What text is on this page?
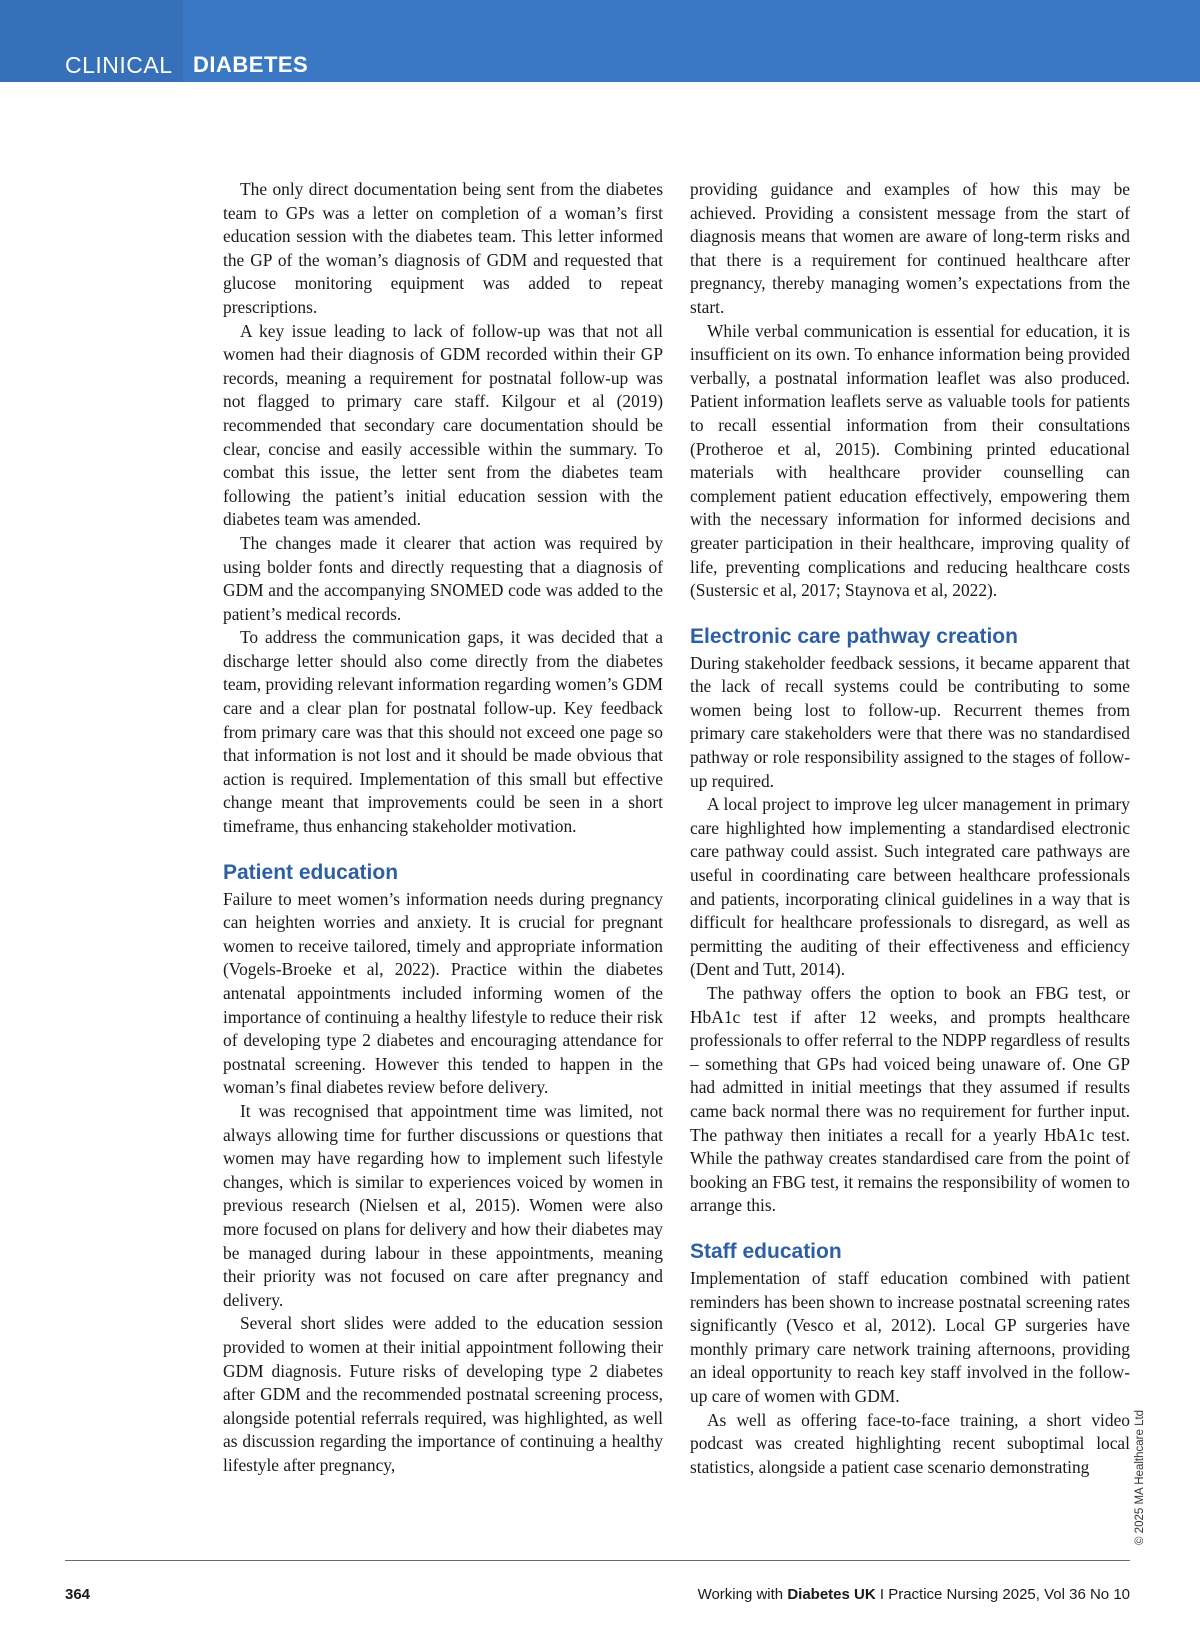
CLINICAL DIABETES

The only direct documentation being sent from the diabetes team to GPs was a letter on completion of a woman’s first education session with the diabetes team. This letter informed the GP of the woman’s diagnosis of GDM and requested that glucose monitoring equipment was added to repeat prescriptions.

A key issue leading to lack of follow-up was that not all women had their diagnosis of GDM recorded within their GP records, meaning a requirement for postnatal follow-up was not flagged to primary care staff. Kilgour et al (2019) recommended that secondary care documentation should be clear, concise and easily accessible within the summary. To combat this issue, the letter sent from the diabetes team following the patient’s initial education session with the diabetes team was amended.

The changes made it clearer that action was required by using bolder fonts and directly requesting that a diagnosis of GDM and the accompanying SNOMED code was added to the patient’s medical records.

To address the communication gaps, it was decided that a discharge letter should also come directly from the diabetes team, providing relevant information regarding women’s GDM care and a clear plan for postnatal follow-up. Key feedback from primary care was that this should not exceed one page so that information is not lost and it should be made obvious that action is required. Implementation of this small but effective change meant that improvements could be seen in a short timeframe, thus enhancing stakeholder motivation.

Patient education

Failure to meet women’s information needs during pregnancy can heighten worries and anxiety. It is crucial for pregnant women to receive tailored, timely and appropriate information (Vogels-Broeke et al, 2022). Practice within the diabetes antenatal appointments included informing women of the importance of continuing a healthy lifestyle to reduce their risk of developing type 2 diabetes and encouraging attendance for postnatal screening. However this tended to happen in the woman’s final diabetes review before delivery.

It was recognised that appointment time was limited, not always allowing time for further discussions or questions that women may have regarding how to implement such lifestyle changes, which is similar to experiences voiced by women in previous research (Nielsen et al, 2015). Women were also more focused on plans for delivery and how their diabetes may be managed during labour in these appointments, meaning their priority was not focused on care after pregnancy and delivery.

Several short slides were added to the education session provided to women at their initial appointment following their GDM diagnosis. Future risks of developing type 2 diabetes after GDM and the recommended postnatal screening process, alongside potential referrals required, was highlighted, as well as discussion regarding the importance of continuing a healthy lifestyle after pregnancy,

providing guidance and examples of how this may be achieved. Providing a consistent message from the start of diagnosis means that women are aware of long-term risks and that there is a requirement for continued healthcare after pregnancy, thereby managing women’s expectations from the start.

While verbal communication is essential for education, it is insufficient on its own. To enhance information being provided verbally, a postnatal information leaflet was also produced. Patient information leaflets serve as valuable tools for patients to recall essential information from their consultations (Protheroe et al, 2015). Combining printed educational materials with healthcare provider counselling can complement patient education effectively, empowering them with the necessary information for informed decisions and greater participation in their healthcare, improving quality of life, preventing complications and reducing healthcare costs (Sustersic et al, 2017; Staynova et al, 2022).

Electronic care pathway creation

During stakeholder feedback sessions, it became apparent that the lack of recall systems could be contributing to some women being lost to follow-up. Recurrent themes from primary care stakeholders were that there was no standardised pathway or role responsibility assigned to the stages of follow-up required.

A local project to improve leg ulcer management in primary care highlighted how implementing a standardised electronic care pathway could assist. Such integrated care pathways are useful in coordinating care between healthcare professionals and patients, incorporating clinical guidelines in a way that is difficult for healthcare professionals to disregard, as well as permitting the auditing of their effectiveness and efficiency (Dent and Tutt, 2014).

The pathway offers the option to book an FBG test, or HbA1c test if after 12 weeks, and prompts healthcare professionals to offer referral to the NDPP regardless of results – something that GPs had voiced being unaware of. One GP had admitted in initial meetings that they assumed if results came back normal there was no requirement for further input. The pathway then initiates a recall for a yearly HbA1c test. While the pathway creates standardised care from the point of booking an FBG test, it remains the responsibility of women to arrange this.

Staff education

Implementation of staff education combined with patient reminders has been shown to increase postnatal screening rates significantly (Vesco et al, 2012). Local GP surgeries have monthly primary care network training afternoons, providing an ideal opportunity to reach key staff involved in the follow-up care of women with GDM.

As well as offering face-to-face training, a short video podcast was created highlighting recent suboptimal local statistics, alongside a patient case scenario demonstrating	© 2025 MA Healthcare Ltd
364	Working with Diabetes UK I Practice Nursing 2025, Vol 36 No 10
